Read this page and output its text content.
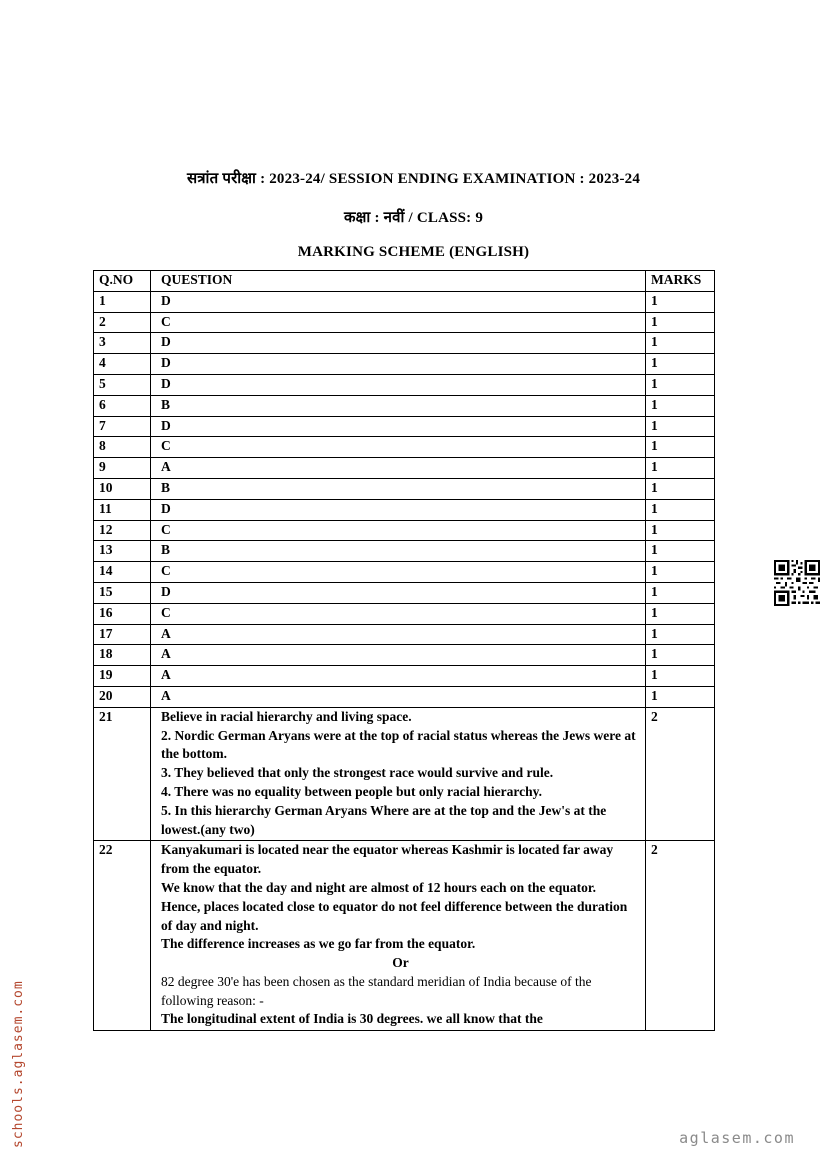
सत्रांत परीक्षा : 2023-24/ SESSION ENDING EXAMINATION : 2023-24
कक्षा : नवीं / CLASS: 9
MARKING SCHEME (ENGLISH)
Q.NO	QUESTION	MARKS
1	D	1
2	C	1
3	D	1
4	D	1
5	D	1
6	B	1
7	D	1
8	C	1
9	A	1
10	B	1
11	D	1
12	C	1
13	B	1
14	C	1
15	D	1
16	C	1
17	A	1
18	A	1
19	A	1
20	A	1
21	Believe in racial hierarchy and living space.
2. Nordic German Aryans were at the top of racial status whereas the Jews were at the bottom.
3. They believed that only the strongest race would survive and rule.
4. There was no equality between people but only racial hierarchy.
5. In this hierarchy German Aryans Where are at the top and the Jew's at the lowest.(any two)	2
22	Kanyakumari is located near the equator whereas Kashmir is located far away from the equator.
We know that the day and night are almost of 12 hours each on the equator.
Hence, places located close to equator do not feel difference between the duration of day and night.
The difference increases as we go far from the equator.
Or
82 degree 30'e has been chosen as the standard meridian of India because of the following reason: -
The longitudinal extent of India is 30 degrees. we all know that the
	2
schools.aglasem.com	aglasem.com
